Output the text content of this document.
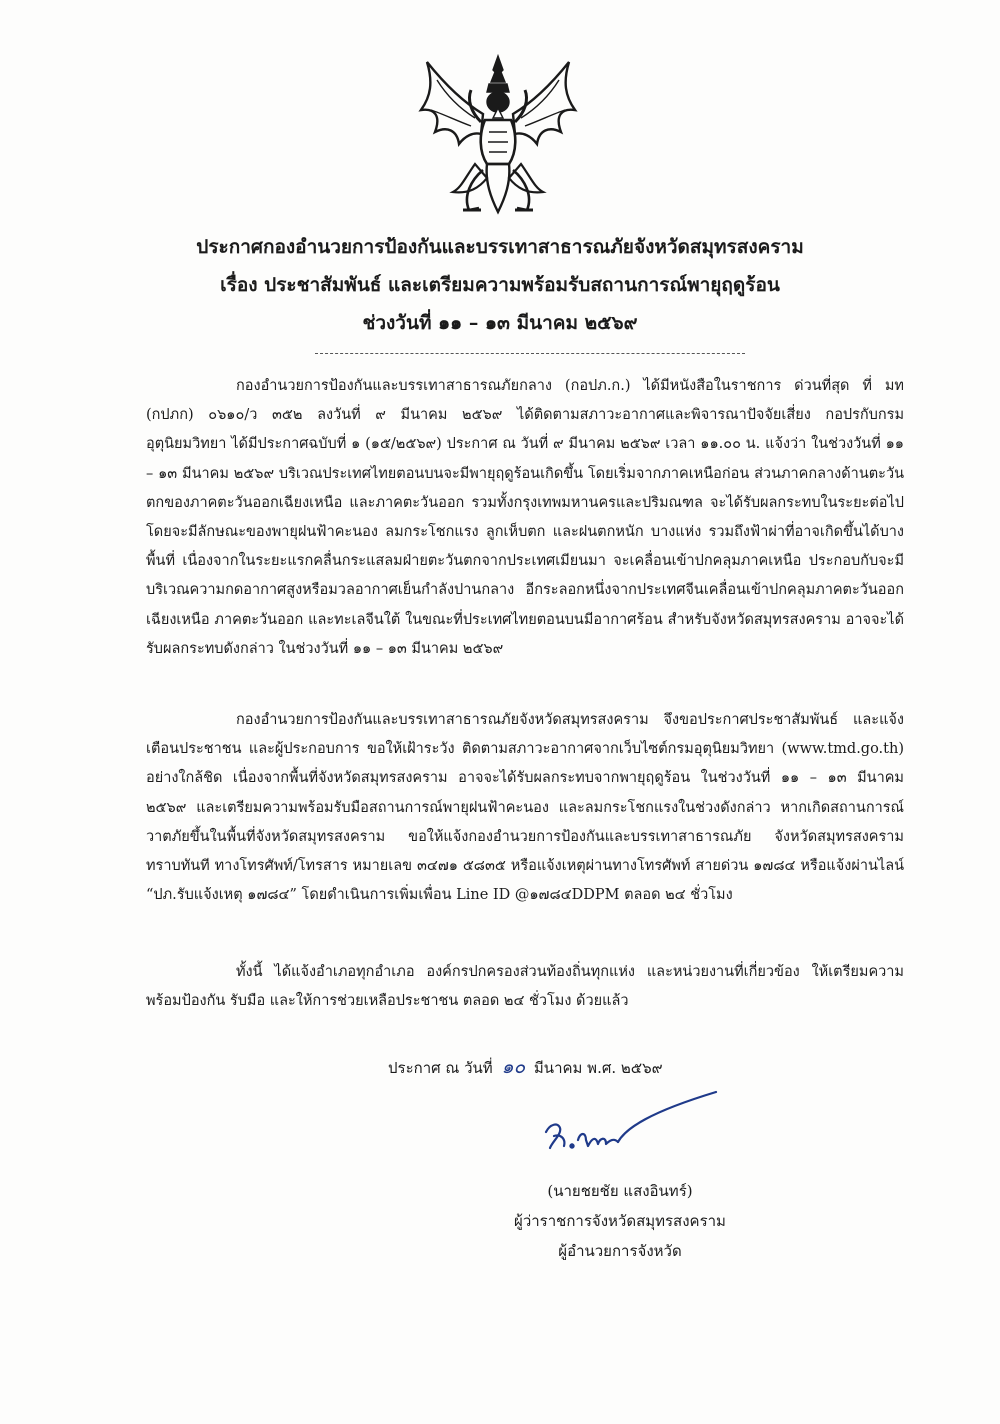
ประกาศกองอำนวยการป้องกันและบรรเทาสาธารณภัยจังหวัดสมุทรสงคราม
เรื่อง ประชาสัมพันธ์ และเตรียมความพร้อมรับสถานการณ์พายุฤดูร้อน
ช่วงวันที่ ๑๑ – ๑๓ มีนาคม ๒๕๖๙

กองอำนวยการป้องกันและบรรเทาสาธารณภัยกลาง (กอปภ.ก.) ได้มีหนังสือในราชการ ด่วนที่สุด ที่ มท (กปภก) ๐๖๑๐/ว ๓๕๒ ลงวันที่ ๙ มีนาคม ๒๕๖๙ ได้ติดตามสภาวะอากาศและพิจารณาปัจจัยเสี่ยง กอปรกับกรมอุตุนิยมวิทยา ได้มีประกาศฉบับที่ ๑ (๑๕/๒๕๖๙) ประกาศ ณ วันที่ ๙ มีนาคม ๒๕๖๙ เวลา ๑๑.๐๐ น. แจ้งว่า ในช่วงวันที่ ๑๑ – ๑๓ มีนาคม ๒๕๖๙ บริเวณประเทศไทยตอนบนจะมีพายุฤดูร้อนเกิดขึ้น โดยเริ่มจากภาคเหนือก่อน ส่วนภาคกลางด้านตะวันตกของภาคตะวันออกเฉียงเหนือ และภาคตะวันออก รวมทั้งกรุงเทพมหานครและปริมณฑล จะได้รับผลกระทบในระยะต่อไป โดยจะมีลักษณะของพายุฝนฟ้าคะนอง ลมกระโชกแรง ลูกเห็บตก และฝนตกหนัก บางแห่ง รวมถึงฟ้าผ่าที่อาจเกิดขึ้นได้บางพื้นที่ เนื่องจากในระยะแรกคลื่นกระแสลมฝ่ายตะวันตกจากประเทศเมียนมา จะเคลื่อนเข้าปกคลุมภาคเหนือ ประกอบกับจะมีบริเวณความกดอากาศสูงหรือมวลอากาศเย็นกำลังปานกลาง อีกระลอกหนึ่งจากประเทศจีนเคลื่อนเข้าปกคลุมภาคตะวันออกเฉียงเหนือ ภาคตะวันออก และทะเลจีนใต้ ในขณะที่ประเทศไทยตอนบนมีอากาศร้อน สำหรับจังหวัดสมุทรสงคราม อาจจะได้รับผลกระทบดังกล่าว ในช่วงวันที่ ๑๑ – ๑๓ มีนาคม ๒๕๖๙

กองอำนวยการป้องกันและบรรเทาสาธารณภัยจังหวัดสมุทรสงคราม จึงขอประกาศประชาสัมพันธ์ และแจ้งเตือนประชาชน และผู้ประกอบการ ขอให้เฝ้าระวัง ติดตามสภาวะอากาศจากเว็บไซต์กรมอุตุนิยมวิทยา (www.tmd.go.th) อย่างใกล้ชิด เนื่องจากพื้นที่จังหวัดสมุทรสงคราม อาจจะได้รับผลกระทบจากพายุฤดูร้อน ในช่วงวันที่ ๑๑ – ๑๓ มีนาคม ๒๕๖๙ และเตรียมความพร้อมรับมือสถานการณ์พายุฝนฟ้าคะนอง และลมกระโชกแรงในช่วงดังกล่าว หากเกิดสถานการณ์วาตภัยขึ้นในพื้นที่จังหวัดสมุทรสงคราม ขอให้แจ้งกองอำนวยการป้องกันและบรรเทาสาธารณภัย จังหวัดสมุทรสงคราม ทราบทันที ทางโทรศัพท์/โทรสาร หมายเลข ๓๔๗๑ ๕๘๓๕ หรือแจ้งเหตุผ่านทางโทรศัพท์ สายด่วน ๑๗๘๔ หรือแจ้งผ่านไลน์ “ปภ.รับแจ้งเหตุ ๑๗๘๔” โดยดำเนินการเพิ่มเพื่อน Line ID @๑๗๘๔DDPM ตลอด ๒๔ ชั่วโมง

ทั้งนี้ ได้แจ้งอำเภอทุกอำเภอ องค์กรปกครองส่วนท้องถิ่นทุกแห่ง และหน่วยงานที่เกี่ยวข้อง ให้เตรียมความพร้อมป้องกัน รับมือ และให้การช่วยเหลือประชาชน ตลอด ๒๔ ชั่วโมง ด้วยแล้ว

ประกาศ ณ วันที่ ๑๐ มีนาคม พ.ศ. ๒๕๖๙
(นายชยชัย แสงอินทร์)
ผู้ว่าราชการจังหวัดสมุทรสงคราม
ผู้อำนวยการจังหวัด
